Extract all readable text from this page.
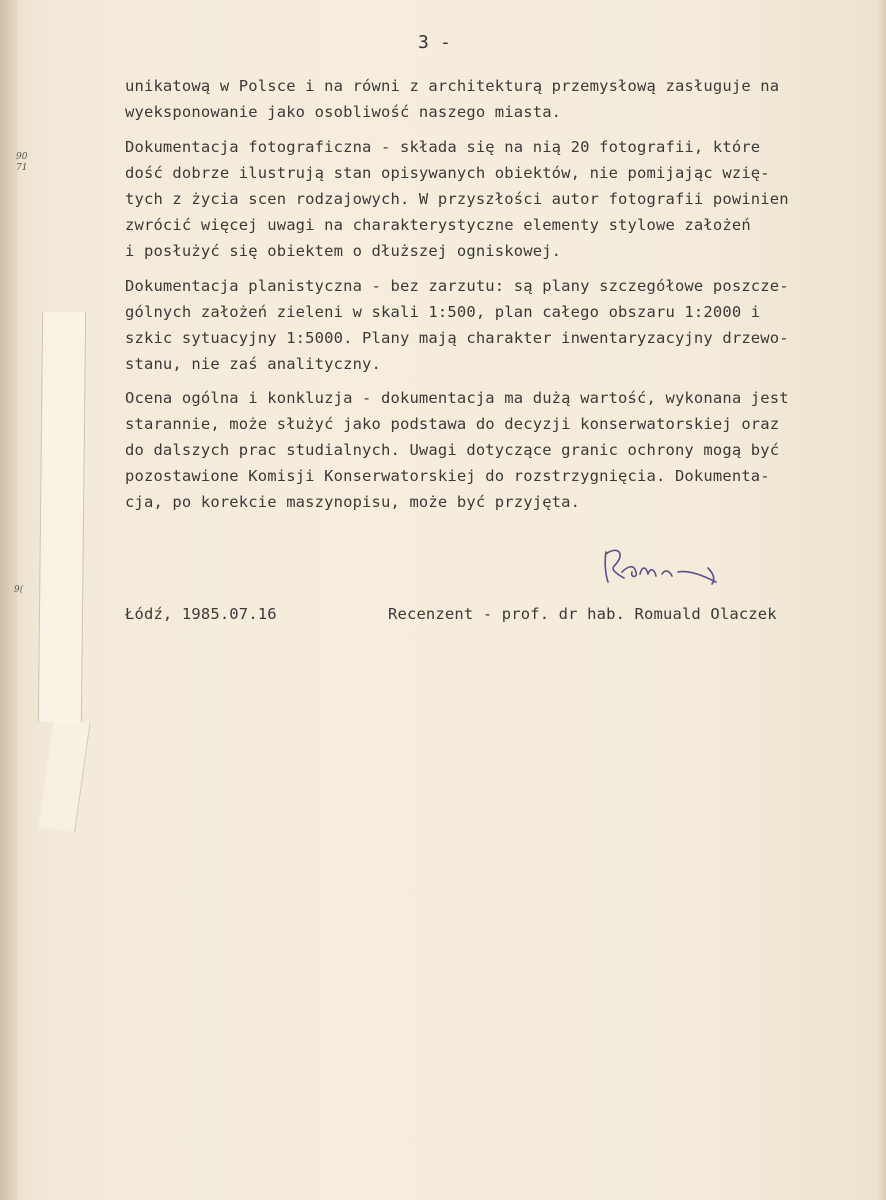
90
71
9(
3 -
unikatową w Polsce i na równi z architekturą przemysłową zasługuje na
wyeksponowanie jako osobliwość naszego miasta.
Dokumentacja fotograficzna - składa się na nią 20 fotografii, które
dość dobrze ilustrują stan opisywanych obiektów, nie pomijając wzię-
tych z życia scen rodzajowych. W przyszłości autor fotografii powinien
zwrócić więcej uwagi na charakterystyczne elementy stylowe założeń
i posłużyć się obiektem o dłuższej ogniskowej.
Dokumentacja planistyczna - bez zarzutu: są plany szczegółowe poszcze-
gólnych założeń zieleni w skali 1:500, plan całego obszaru 1:2000 i
szkic sytuacyjny 1:5000. Plany mają charakter inwentaryzacyjny drzewo-
stanu, nie zaś analityczny.
Ocena ogólna i konkluzja - dokumentacja ma dużą wartość, wykonana jest
starannie, może służyć jako podstawa do decyzji konserwatorskiej oraz
do dalszych prac studialnych. Uwagi dotyczące granic ochrony mogą być
pozostawione Komisji Konserwatorskiej do rozstrzygnięcia. Dokumenta-
cja, po korekcie maszynopisu, może być przyjęta.
Łódź, 1985.07.16	Recenzent - prof. dr hab. Romuald Olaczek
